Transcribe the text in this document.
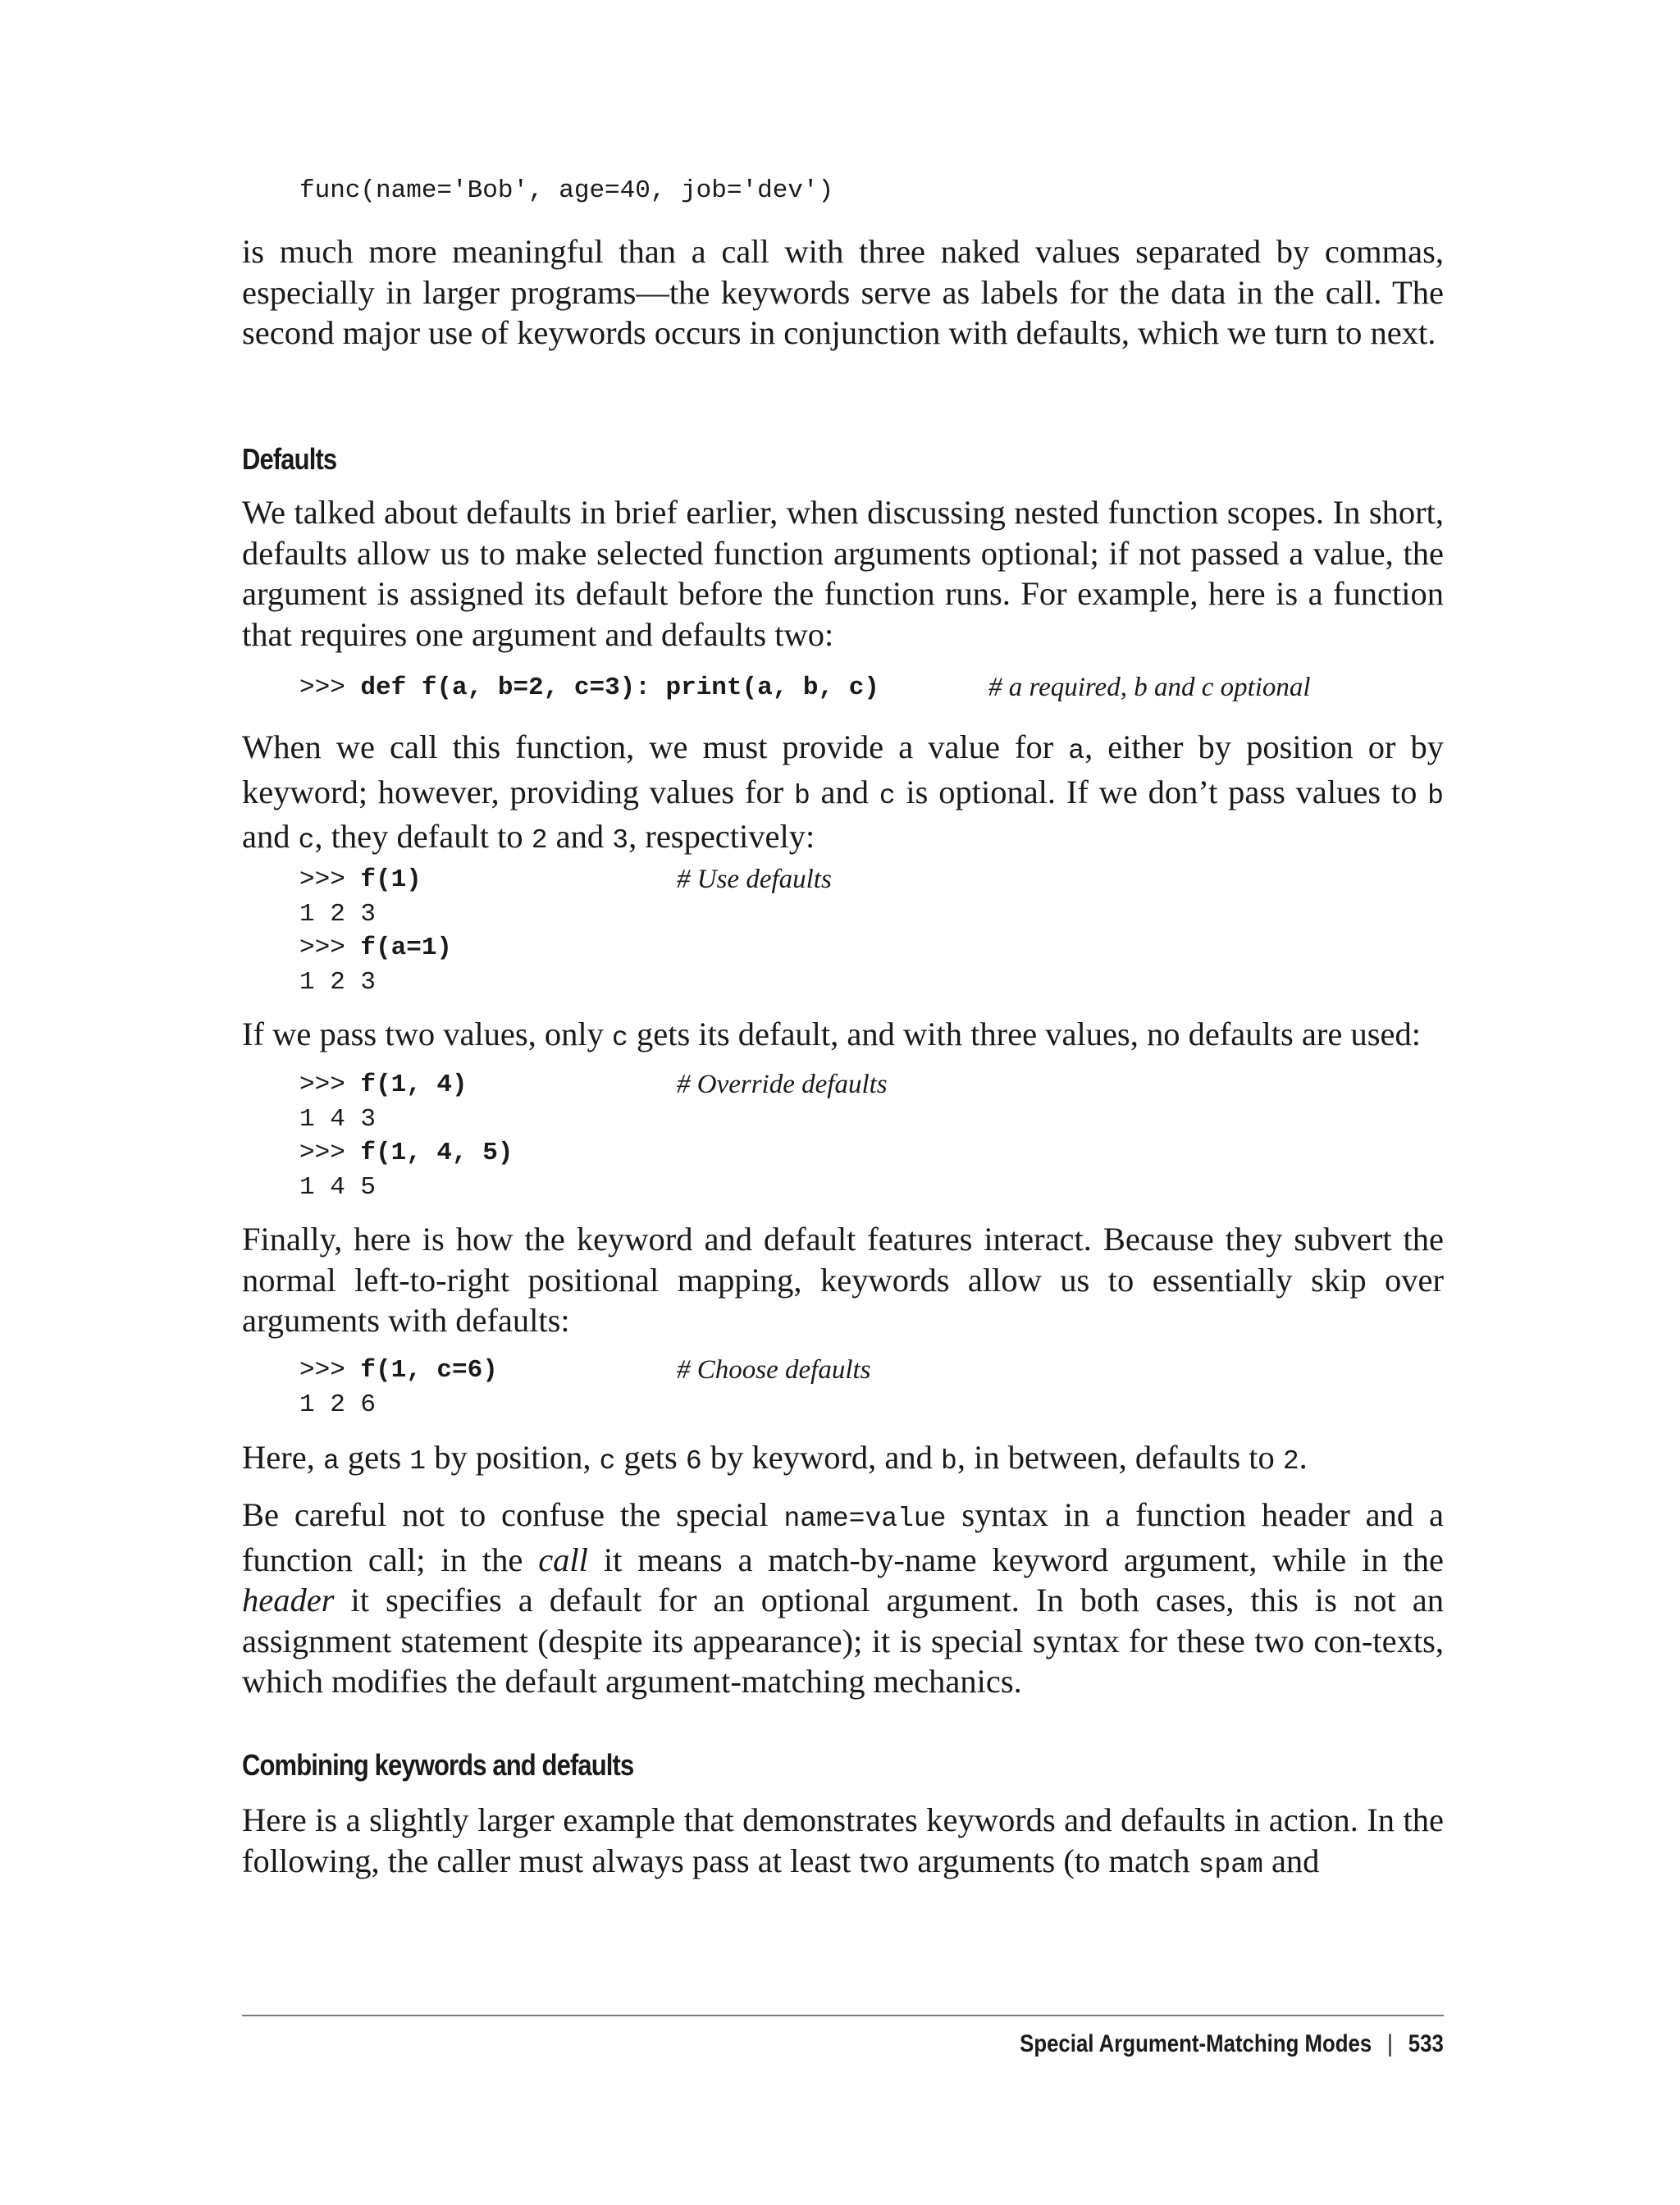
func(name='Bob', age=40, job='dev')

is much more meaningful than a call with three naked values separated by commas, especially in larger programs—the keywords serve as labels for the data in the call. The second major use of keywords occurs in conjunction with defaults, which we turn to next.

Defaults

We talked about defaults in brief earlier, when discussing nested function scopes. In short, defaults allow us to make selected function arguments optional; if not passed a value, the argument is assigned its default before the function runs. For example, here is a function that requires one argument and defaults two:

>>> def f(a, b=2, c=3): print(a, b, c)	# a required, b and c optional

When we call this function, we must provide a value for a, either by position or by keyword; however, providing values for b and c is optional. If we don’t pass values to b and c, they default to 2 and 3, respectively:

>>> f(1)	# Use defaults
1 2 3
>>> f(a=1)
1 2 3

If we pass two values, only c gets its default, and with three values, no defaults are used:

>>> f(1, 4)	# Override defaults
1 4 3
>>> f(1, 4, 5)
1 4 5

Finally, here is how the keyword and default features interact. Because they subvert the normal left-to-right positional mapping, keywords allow us to essentially skip over arguments with defaults:

>>> f(1, c=6)	# Choose defaults
1 2 6

Here, a gets 1 by position, c gets 6 by keyword, and b, in between, defaults to 2.

Be careful not to confuse the special name=value syntax in a function header and a function call; in the call it means a match-by-name keyword argument, while in the header it specifies a default for an optional argument. In both cases, this is not an assignment statement (despite its appearance); it is special syntax for these two con-texts, which modifies the default argument-matching mechanics.

Combining keywords and defaults

Here is a slightly larger example that demonstrates keywords and defaults in action. In the following, the caller must always pass at least two arguments (to match spam and

Special Argument-Matching Modes | 533
